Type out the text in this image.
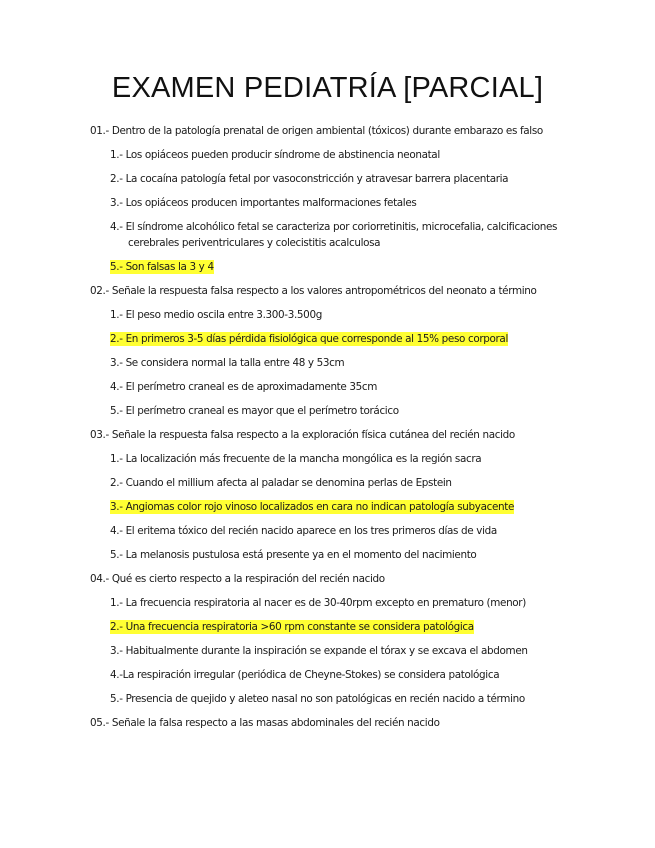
EXAMEN PEDIATRÍA [PARCIAL]

01.- Dentro de la patología prenatal de origen ambiental (tóxicos) durante embarazo es falso

1.- Los opiáceos pueden producir síndrome de abstinencia neonatal
2.- La cocaína patología fetal por vasoconstricción y atravesar barrera placentaria
3.- Los opiáceos producen importantes malformaciones fetales
4.- El síndrome alcohólico fetal se caracteriza por coriorretinitis, microcefalia, calcificaciones cerebrales periventriculares y colecistitis acalculosa
5.- Son falsas la 3 y 4

02.- Señale la respuesta falsa respecto a los valores antropométricos del neonato a término

1.- El peso medio oscila entre 3.300-3.500g
2.- En primeros 3-5 días pérdida fisiológica que corresponde al 15% peso corporal
3.- Se considera normal la talla entre 48 y 53cm
4.- El perímetro craneal es de aproximadamente 35cm
5.- El perímetro craneal es mayor que el perímetro torácico

03.- Señale la respuesta falsa respecto a la exploración física cutánea del recién nacido

1.- La localización más frecuente de la mancha mongólica es la región sacra
2.- Cuando el millium afecta al paladar se denomina perlas de Epstein
3.- Angiomas color rojo vinoso localizados en cara no indican patología subyacente
4.- El eritema tóxico del recién nacido aparece en los tres primeros días de vida
5.- La melanosis pustulosa está presente ya en el momento del nacimiento

04.- Qué es cierto respecto a la respiración del recién nacido

1.- La frecuencia respiratoria al nacer es de 30-40rpm excepto en prematuro (menor)
2.- Una frecuencia respiratoria >60 rpm constante se considera patológica
3.- Habitualmente durante la inspiración se expande el tórax y se excava el abdomen
4.-La respiración irregular (periódica de Cheyne-Stokes) se considera patológica
5.- Presencia de quejido y aleteo nasal no son patológicas en recién nacido a término

05.- Señale la falsa respecto a las masas abdominales del recién nacido
